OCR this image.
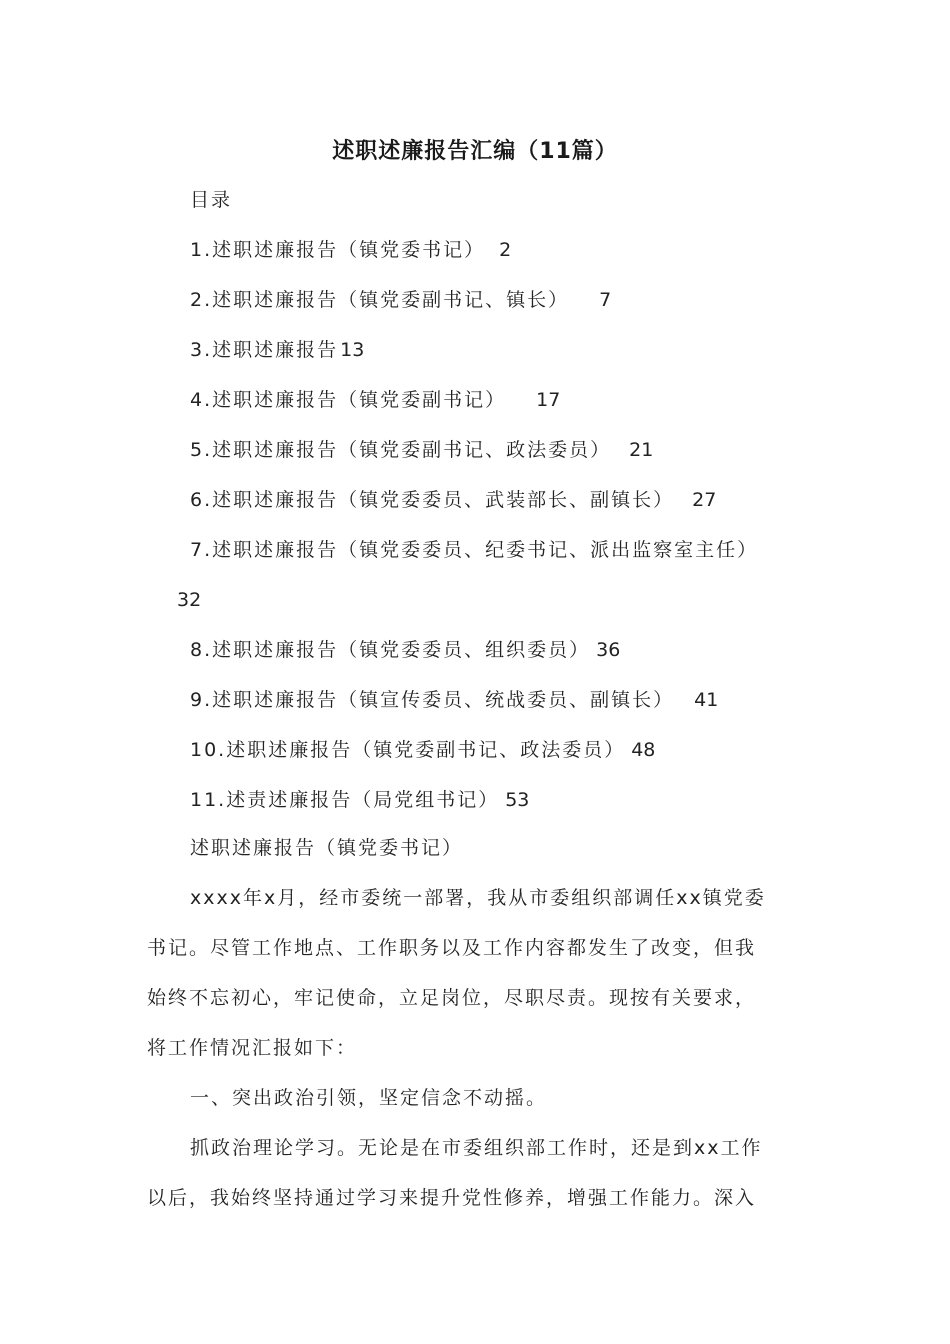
述职述廉报告汇编（11篇）
目录
1.述职述廉报告（镇党委书记） 2
2.述职述廉报告（镇党委副书记、镇长） 7
3.述职述廉报告 13
4.述职述廉报告（镇党委副书记） 17
5.述职述廉报告（镇党委副书记、政法委员） 21
6.述职述廉报告（镇党委委员、武装部长、副镇长） 27
7.述职述廉报告（镇党委委员、纪委书记、派出监察室主任）
32
8.述职述廉报告（镇党委委员、组织委员） 36
9.述职述廉报告（镇宣传委员、统战委员、副镇长） 41
10.述职述廉报告（镇党委副书记、政法委员） 48
11.述责述廉报告（局党组书记） 53
述职述廉报告（镇党委书记）
xxxx年x月，经市委统一部署，我从市委组织部调任xx镇党委
书记。尽管工作地点、工作职务以及工作内容都发生了改变，但我
始终不忘初心，牢记使命，立足岗位，尽职尽责。现按有关要求，
将工作情况汇报如下：
一、突出政治引领，坚定信念不动摇。
抓政治理论学习。无论是在市委组织部工作时，还是到xx工作
以后，我始终坚持通过学习来提升党性修养，增强工作能力。深入
